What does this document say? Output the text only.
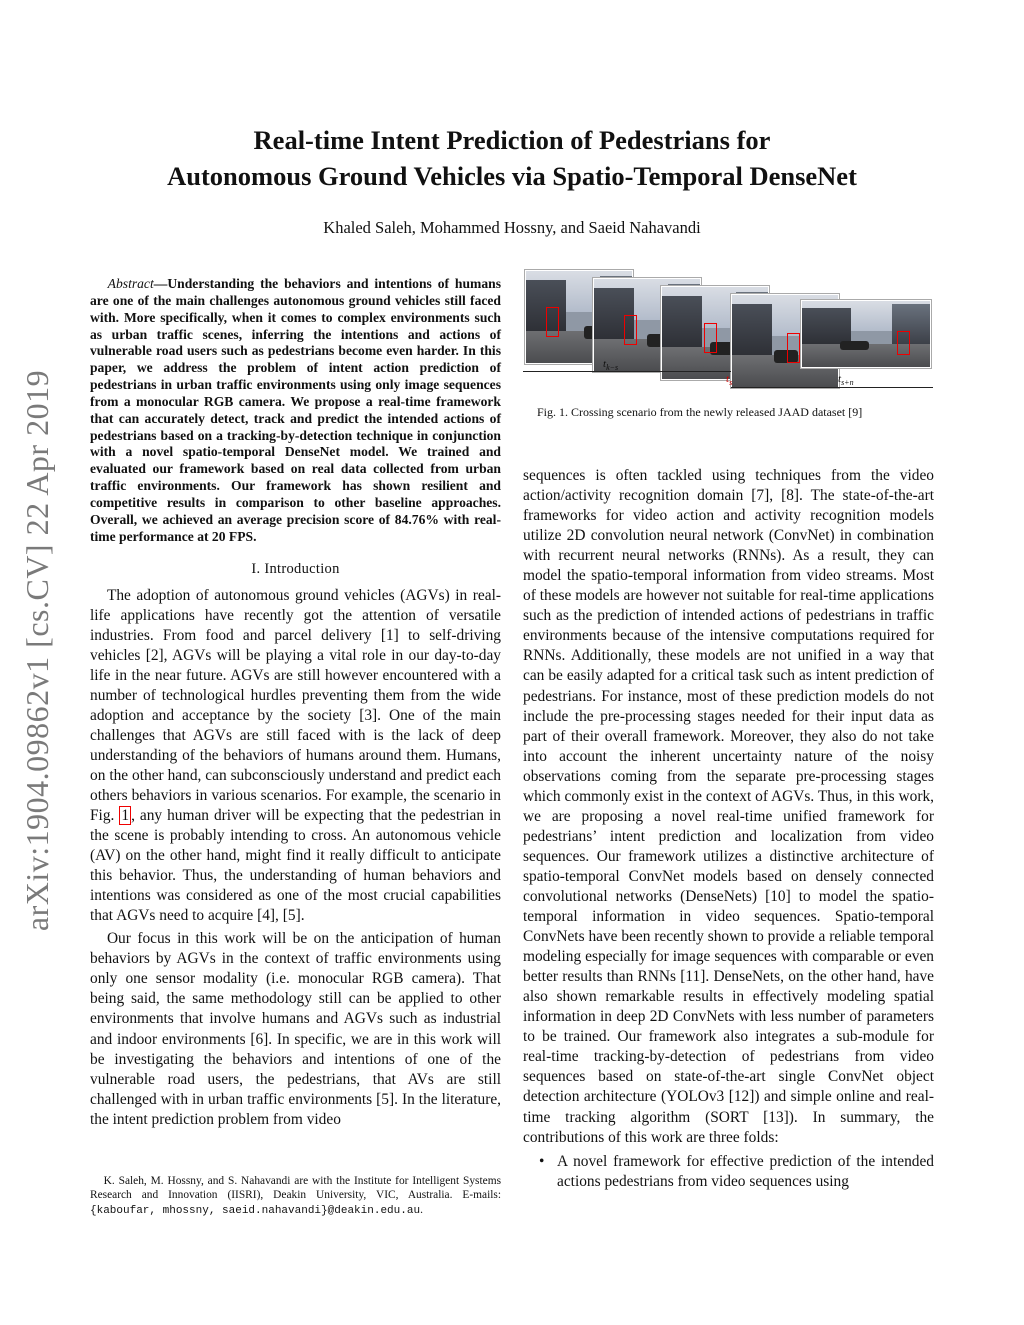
arXiv:1904.09862v1 [cs.CV] 22 Apr 2019
Real-time Intent Prediction of Pedestrians for
Autonomous Ground Vehicles via Spatio-Temporal DenseNet
Khaled Saleh, Mohammed Hossny, and Saeid Nahavandi

Abstract—Understanding the behaviors and intentions of humans are one of the main challenges autonomous ground vehicles still faced with. More specifically, when it comes to complex environments such as urban traffic scenes, inferring the intentions and actions of vulnerable road users such as pedestrians become even harder. In this paper, we address the problem of intent action prediction of pedestrians in urban traffic environments using only image sequences from a monocular RGB camera. We propose a real-time framework that can accurately detect, track and predict the intended actions of pedestrians based on a tracking-by-detection technique in conjunction with a novel spatio-temporal DenseNet model. We trained and evaluated our framework based on real data collected from urban traffic environments. Our framework has shown resilient and competitive results in comparison to other baseline approaches. Overall, we achieved an average precision score of 84.76% with real-time performance at 20 FPS.

I. Introduction

The adoption of autonomous ground vehicles (AGVs) in real-life applications have recently got the attention of versatile industries. From food and parcel delivery [1] to self-driving vehicles [2], AGVs will be playing a vital role in our day-to-day life in the near future. AGVs are still however encountered with a number of technological hurdles preventing them from the wide adoption and acceptance by the society [3]. One of the main challenges that AGVs are still faced with is the lack of deep understanding of the behaviors of humans around them. Humans, on the other hand, can subconsciously understand and predict each others behaviors in various scenarios. For example, the scenario in Fig. 1 , any human driver will be expecting that the pedestrian in the scene is probably intending to cross. An autonomous vehicle (AV) on the other hand, might find it really difficult to anticipate this behavior. Thus, the understanding of human behaviors and intentions was considered as one of the most crucial capabilities that AGVs need to acquire [4], [5].

Our focus in this work will be on the anticipation of human behaviors by AGVs in the context of traffic environments using only one sensor modality (i.e. monocular RGB camera). That being said, the same methodology still can be applied to other environments that involve humans and AGVs such as industrial and indoor environments [6]. In specific, we are in this work will be investigating the behaviors and intentions of one of the vulnerable road users, the pedestrians, that AVs are still challenged with in urban traffic environments [5]. In the literature, the intent prediction problem from video

K. Saleh, M. Hossny, and S. Nahavandi are with the Institute for Intelligent Systems Research and Innovation (IISRI), Deakin University, VIC, Australia. E-mails: {kaboufar, mhossny, saeid.nahavandi}@deakin.edu.au.

$t_{k-s}$
$t_s$	$t_{s+n}$
Fig. 1. Crossing scenario from the newly released JAAD dataset [9]

sequences is often tackled using techniques from the video action/activity recognition domain [7], [8]. The state-of-the-art frameworks for video action and activity recognition models utilize 2D convolution neural network (ConvNet) in combination with recurrent neural networks (RNNs). As a result, they can model the spatio-temporal information from video streams. Most of these models are however not suitable for real-time applications such as the prediction of intended actions of pedestrians in traffic environments because of the intensive computations required for RNNs. Additionally, these models are not unified in a way that can be easily adapted for a critical task such as intent prediction of pedestrians. For instance, most of these prediction models do not include the pre-processing stages needed for their input data as part of their overall framework. Moreover, they also do not take into account the inherent uncertainty nature of the noisy observations coming from the separate pre-processing stages which commonly exist in the context of AGVs. Thus, in this work, we are proposing a novel real-time unified framework for pedestrians’ intent prediction and localization from video sequences. Our framework utilizes a distinctive architecture of spatio-temporal ConvNet models based on densely connected convolutional networks (DenseNets) [10] to model the spatio-temporal information in video sequences. Spatio-temporal ConvNets have been recently shown to provide a reliable temporal modeling especially for image sequences with comparable or even better results than RNNs [11]. DenseNets, on the other hand, have also shown remarkable results in effectively modeling spatial information in deep 2D ConvNets with less number of parameters to be trained. Our framework also integrates a sub-module for real-time tracking-by-detection of pedestrians from video sequences based on state-of-the-art single ConvNet object detection architecture (YOLOv3 [12]) and simple online and real-time tracking algorithm (SORT [13]). In summary, the contributions of this work are three folds:

• A novel framework for effective prediction of the intended actions pedestrians from video sequences using
